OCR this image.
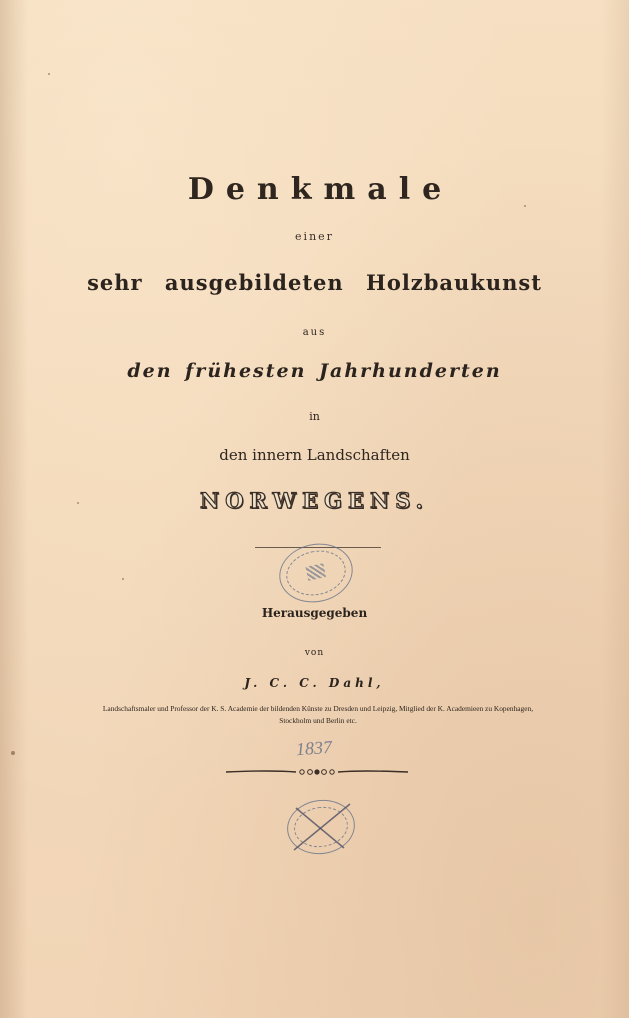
Denkmale
einer
sehr ausgebildeten Holzbaukunst
aus
den frühesten Jahrhunderten
in
den innern Landschaften
NORWEGENS.
Herausgegeben
von
J. C. C. Dahl,
Landschaftsmaler und Professor der K. S. Academie der bildenden Künste zu Dresden und Leipzig, Mitglied der K. Academieen zu Kopenhagen, Stockholm und Berlin etc.
1837
